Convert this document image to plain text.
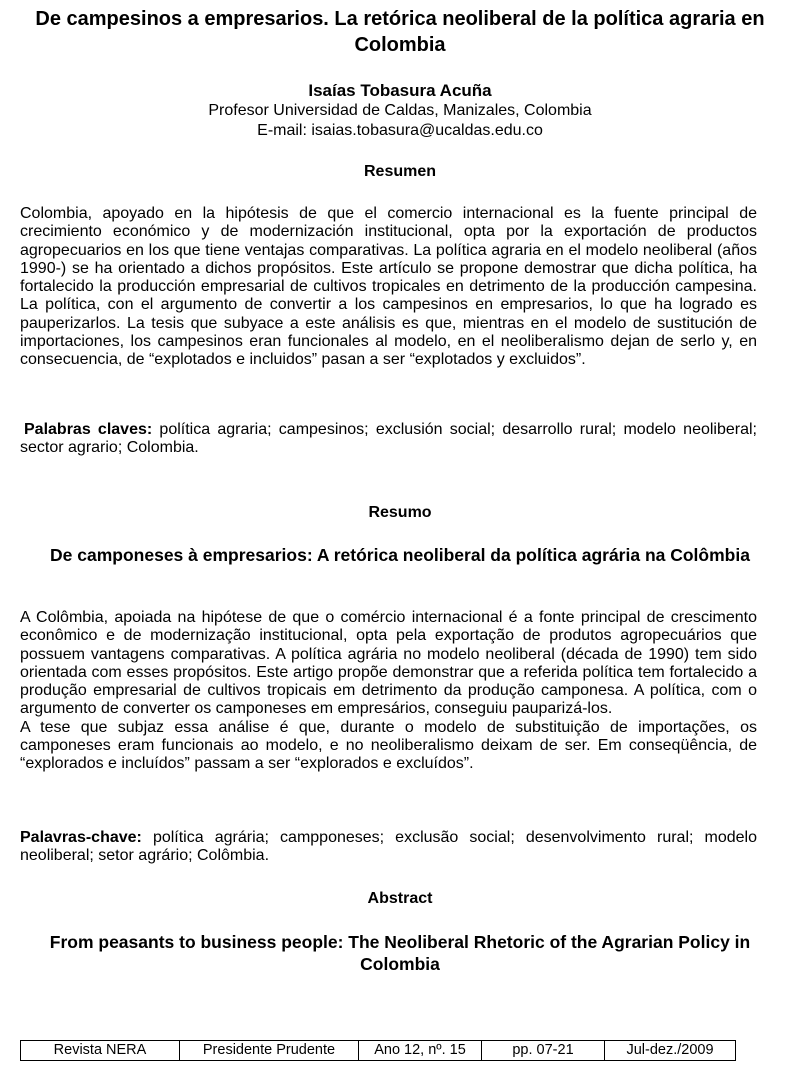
De campesinos a empresarios. La retórica neoliberal de la política agraria en Colombia
Isaías Tobasura Acuña
Profesor Universidad de Caldas, Manizales, Colombia
E-mail: isaias.tobasura@ucaldas.edu.co
Resumen

Colombia, apoyado en la hipótesis de que el comercio internacional es la fuente principal de crecimiento económico y de modernización institucional, opta por la exportación de productos agropecuarios en los que tiene ventajas comparativas. La política agraria en el modelo neoliberal (años 1990-) se ha orientado a dichos propósitos. Este artículo se propone demostrar que dicha política, ha fortalecido la producción empresarial de cultivos tropicales en detrimento de la producción campesina. La política, con el argumento de convertir a los campesinos en empresarios, lo que ha logrado es pauperizarlos. La tesis que subyace a este análisis es que, mientras en el modelo de sustitución de importaciones, los campesinos eran funcionales al modelo, en el neoliberalismo dejan de serlo y, en consecuencia, de “explotados e incluidos” pasan a ser “explotados y excluidos”.

Palabras claves: política agraria; campesinos; exclusión social; desarrollo rural; modelo neoliberal; sector agrario; Colombia.

Resumo
De camponeses à empresarios: A retórica neoliberal da política agrária na Colômbia

A Colômbia, apoiada na hipótese de que o comércio internacional é a fonte principal de crescimento econômico e de modernização institucional, opta pela exportação de produtos agropecuários que possuem vantagens comparativas. A política agrária no modelo neoliberal (década de 1990) tem sido orientada com esses propósitos. Este artigo propõe demonstrar que a referida política tem fortalecido a produção empresarial de cultivos tropicais em detrimento da produção camponesa. A política, com o argumento de converter os camponeses em empresários, conseguiu pauparizá-los.

A tese que subjaz essa análise é que, durante o modelo de substituição de importações, os camponeses eram funcionais ao modelo, e no neoliberalismo deixam de ser. Em conseqüência, de “explorados e incluídos” passam a ser “explorados e excluídos”.

Palavras-chave: política agrária; campponeses; exclusão social; desenvolvimento rural; modelo neoliberal; setor agrário; Colômbia.

Abstract
From peasants to business people: The Neoliberal Rhetoric of the Agrarian Policy in Colombia
Revista NERA	Presidente Prudente	Ano 12, nº. 15	pp. 07-21	Jul-dez./2009
